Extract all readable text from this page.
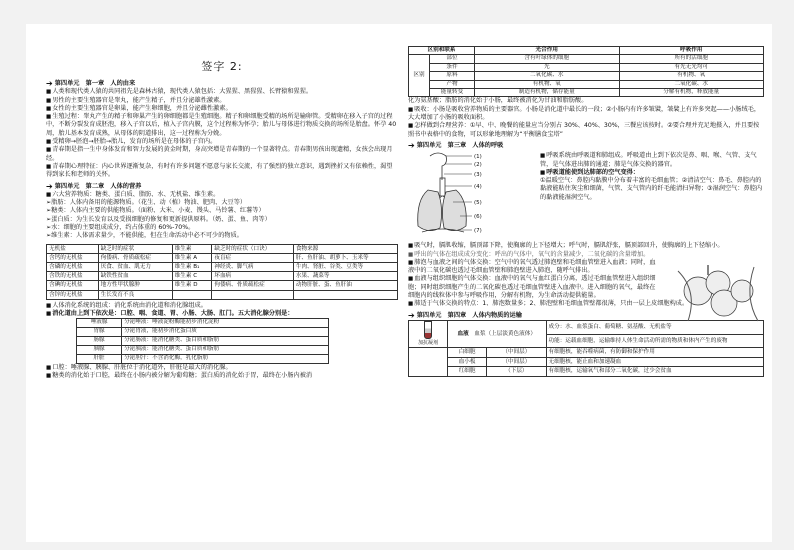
签字 2:
➔ 第四单元　第一章　人的由来

■人类和现代类人猿的共同祖先是森林古猿，现代类人猿包括：大猩猩、黑猩猩、长臂猿和猩猩。

■男性的主要生殖器官是睾丸，能产生精子，并且分泌雄性激素。

■女性的主要生殖器官是卵巢，能产生卵细胞，并且分泌雌性激素。

■生殖过程：睾丸产生的精子和卵巢产生的卵细胞都是生殖细胞。精子和卵细胞受精的场所是输卵管。受精卵在移入子宫的过程中，不断分裂发育成胚泡，移入子宫以后，植入子宫内膜，这个过程称为怀孕；胎儿与母体进行物质交换的场所是胎盘。怀孕 40 周，胎儿基本发育成熟，从母体的阴道排出，这一过程称为分娩。

■受精卵→胚泡→胚胎→胎儿，发育的场所是在母体的子宫内。

■青春期是指一生中身体发育和智力发展的黄金时期，身高突增是青春期的一个显著特点。青春期男孩出现遗精，女孩会出现月经。

■青春期心理特征：内心世界逐渐复杂，有时有许多问题不愿意与家长交流，有了强烈的独立意识，遇到挫折又有依赖性，渴望得到家长和老师的关怀。

➔ 第四单元　第二章　人体的营养

■六大营养物质：糖类、蛋白质、脂肪、水、无机盐、维生素。

➢脂肪：人体内备用的能源物质。（花生、动（植）物油、肥肉、大豆等）

➢糖类：人体内主要的供能物质。（面粉、大米、小麦、馒头、马铃薯、红薯等）

➢蛋白质：为生长发育以及受损细胞的修复和更新提供原料。（奶、蛋、鱼、肉等）

➢水：细胞的主要组成成分，约占体重的 60%-70%。

➢维生素：人体需求量少，不能供能，但在生命活动中必不可少的物质。

无机盐	缺乏时的症状	维生素	缺乏时的症状（口诀）	食物来源
含钙的无机盐	佝偻病、骨质疏松症	维生素 A	夜盲症	肝、鱼肝油、胡萝卜、玉米等
含磷的无机盐	厌食、贫血、肌无力	维生素 B₁	神经炎、脚气病	牛肉、肾脏、谷类、豆类等
含铁的无机盐	缺铁性贫血	维生素 C	坏血病	水果、蔬菜等
含碘的无机盐	地方性甲状腺肿	维生素 D	佝偻病、骨质疏松症	动物肝脏、蛋、鱼肝油
含锌的无机盐	生长发育不良			

■人体消化系统的组成：消化系统由消化道和消化腺组成。

■消化道由上到下依次是：口腔、咽、食道、胃、小肠、大肠、肛门。五大消化腺分别是：

唾液腺	分泌唾液：唾液淀粉酶能初步消化淀粉
胃腺	分泌胃液，能初步消化蛋白质
肠腺	分泌肠液：能消化糖类、蛋白质和脂肪
胰腺	分泌胰液：能消化糖类、蛋白质和脂肪
肝脏	分泌胆汁：不含消化酶，乳化脂肪

■口腔：唾液腺、胰腺、肝脏位于消化道外，肝脏是最大的消化腺。

■糖类的消化始于口腔，最终在小肠内被分解为葡萄糖；蛋白质的消化始于胃，最终在小肠内被消

区别和联系		光合作用	呼吸作用
区别	部位	含有叶绿体的细胞	所有的活细胞
	条件	光	有光无光均可
	原料	二氧化碳、水	有机物、氧
	产物	有机物、氧	二氧化碳、水
	能量转变	制造有机物，储存能量	分解有机物，释放能量

化为氨基酸；脂肪的消化始于小肠，最终被消化为甘油和脂肪酸。

■吸收：小肠是吸收营养物质的主要器官。小肠是消化道中最长的一段；②小肠内有许多皱襞，皱襞上有许多突起——小肠绒毛，大大增加了小肠的吸收面积。

■怎样做到合理营养：①早、中、晚餐的能量应当分别占 30%、40%、30%，三餐应该按时。②要合理并充足地摄入，并且要按照书中表格中的食物，可以形象地理解为“平衡膳食宝塔”

➔ 第四单元　第三章　人体的呼吸
(1)
(2)
(3)
(4)
(5)
(6)
(7)

■呼吸系统由呼吸道和肺组成。呼吸道由上到下依次是鼻、咽、喉、气管、支气管，是气体进出肺的通道；肺是气体交换的器官。

■呼吸道能使到达肺部的空气变得：

①温暖空气：鼻腔内黏膜中分布着丰富的毛细血管；②清洁空气：鼻毛、鼻腔内的黏液能粘住灰尘和细菌，气管、支气管内的纤毛能清扫异物；③湿润空气：鼻腔内的黏液能湿润空气。

■吸气时，膈肌收缩，膈顶部下降，使胸廓的上下径增大；呼气时，膈肌舒张，膈顶部回升，使胸廓的上下径缩小。

■呼出的气体在组成成分变化：呼出的气体中，氧气的含量减少，二氧化碳的含量增加。

■肺泡与血液之间的气体交换：空气中的氧气透过肺泡壁和毛细血管壁进入血液；同时，血液中的二氧化碳也透过毛细血管壁和肺泡壁进入肺泡，随呼气排出。

■血液与组织细胞的气体交换：血液中的氧气与血红蛋白分离，透过毛细血管壁进入组织细胞；同时组织细胞产生的二氧化碳也透过毛细血管壁进入血液中。进入细胞的氧气，最终在细胞内的线粒体中参与呼吸作用，分解有机物，为生命活动提供能量。

■肺适于气体交换的特点：1、肺泡数量多；2、肺泡壁和毛细血管壁都很薄，只由一层上皮细胞构成。

➔ 第四单元　第四章　人体内物质的运输
加抗凝剂	血液　 血浆（上层淡黄色液体）		成分：水、血浆蛋白、葡萄糖、氨基酸、无机盐等
			功能：运载血细胞，运输维持人体生命活动所需的物质和体内产生的废物
	白细胞	（中间层）	有细胞核，能吞噬病菌，有防御和保护作用
	血小板	（中间层）	无细胞核，能止血和加速凝血
	红细胞	（下层）	有细胞核，运输氧气和部分二氧化碳，过少会贫血
